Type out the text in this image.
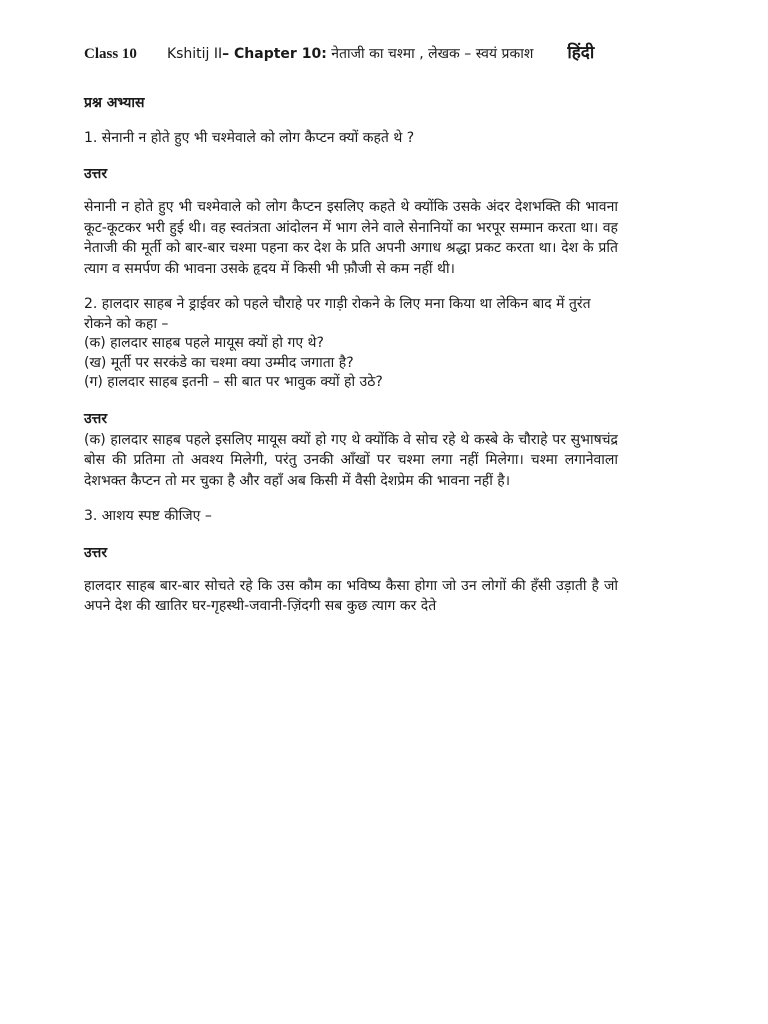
Class 10 Kshitij II– Chapter 10: नेताजी का चश्मा , लेखक – स्वयं प्रकाश हिंदी
प्रश्न अभ्यास
1. सेनानी न होते हुए भी चश्मेवाले को लोग कैप्टन क्यों कहते थे ?
उत्तर
सेनानी न होते हुए भी चश्मेवाले को लोग कैप्टन इसलिए कहते थे क्योंकि उसके अंदर देशभक्ति की भावना कूट-कूटकर भरी हुई थी। वह स्वतंत्रता आंदोलन में भाग लेने वाले सेनानियों का भरपूर सम्मान करता था। वह नेताजी की मूर्ती को बार-बार चश्मा पहना कर देश के प्रति अपनी अगाध श्रद्धा प्रकट करता था। देश के प्रति त्याग व समर्पण की भावना उसके हृदय में किसी भी फ़ौजी से कम नहीं थी।
2. हालदार साहब ने ड्राईवर को पहले चौराहे पर गाड़ी रोकने के लिए मना किया था लेकिन बाद में तुरंत रोकने को कहा –
(क) हालदार साहब पहले मायूस क्यों हो गए थे?
(ख) मूर्ती पर सरकंडे का चश्मा क्या उम्मीद जगाता है?
(ग) हालदार साहब इतनी – सी बात पर भावुक क्यों हो उठे?
उत्तर
(क) हालदार साहब पहले इसलिए मायूस क्यों हो गए थे क्योंकि वे सोच रहे थे कस्बे के चौराहे पर सुभाषचंद्र बोस की प्रतिमा तो अवश्य मिलेगी, परंतु उनकी आँखों पर चश्मा लगा नहीं मिलेगा। चश्मा लगानेवाला देशभक्त कैप्टन तो मर चुका है और वहाँ अब किसी में वैसी देशप्रेम की भावना नहीं है।
3. आशय स्पष्ट कीजिए –
उत्तर
हालदार साहब बार-बार सोचते रहे कि उस कौम का भविष्य कैसा होगा जो उन लोगों की हँसी उड़ाती है जो अपने देश की खातिर घर-गृहस्थी-जवानी-ज़िंदगी सब कुछ त्याग कर देते
